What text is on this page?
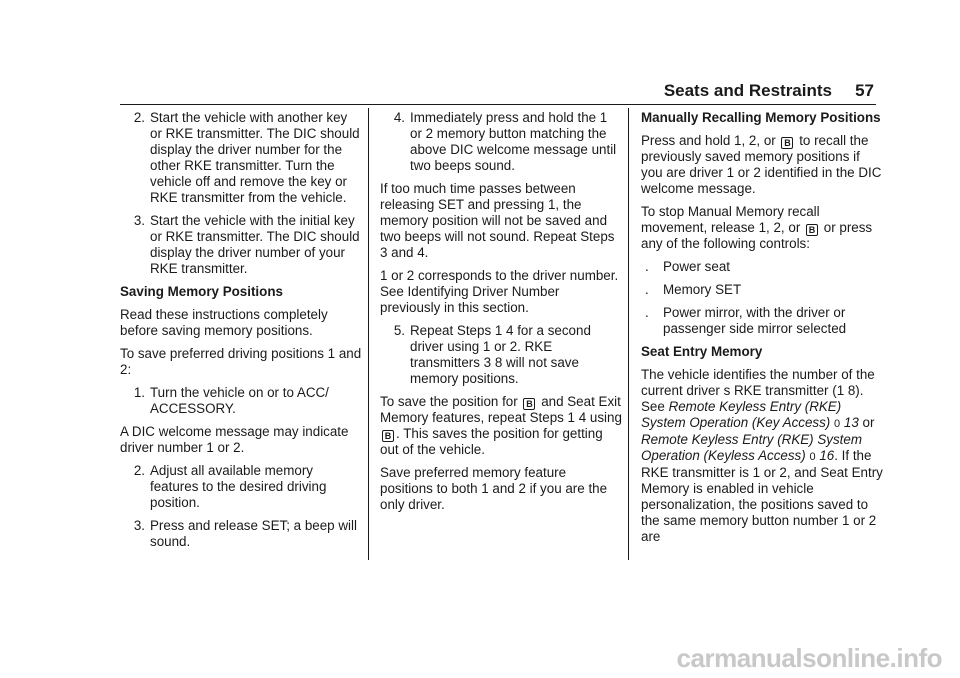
Seats and Restraints 57
2. Start the vehicle with another key or RKE transmitter. The DIC should display the driver number for the other RKE transmitter. Turn the vehicle off and remove the key or RKE transmitter from the vehicle.
3. Start the vehicle with the initial key or RKE transmitter. The DIC should display the driver number of your RKE transmitter.

Saving Memory Positions

Read these instructions completely before saving memory positions.

To save preferred driving positions 1 and 2:

1. Turn the vehicle on or to ACC/ ACCESSORY.

A DIC welcome message may indicate driver number 1 or 2.

2. Adjust all available memory features to the desired driving position.
3. Press and release SET; a beep will sound.
4. Immediately press and hold the 1 or 2 memory button matching the above DIC welcome message until two beeps sound.

If too much time passes between releasing SET and pressing 1, the memory position will not be saved and two beeps will not sound. Repeat Steps 3 and 4.

1 or 2 corresponds to the driver number. See Identifying Driver Number previously in this section.

5. Repeat Steps 1 4 for a second driver using 1 or 2. RKE transmitters 3 8 will not save memory positions.

To save the position for B and Seat Exit Memory features, repeat Steps 1 4 using B . This saves the position for getting out of the vehicle.

Save preferred memory feature positions to both 1 and 2 if you are the only driver.

Manually Recalling Memory Positions

Press and hold 1, 2, or B to recall the previously saved memory positions if you are driver 1 or 2 identified in the DIC welcome message.

To stop Manual Memory recall movement, release 1, 2, or B or press any of the following controls:

.	Power seat
.	Memory SET
.	Power mirror, with the driver or passenger side mirror selected

Seat Entry Memory

The vehicle identifies the number of the current driver s RKE transmitter (1 8). See Remote Keyless Entry (RKE) System Operation (Key Access) 0 13 or Remote Keyless Entry (RKE) System Operation (Keyless Access) 0 16. If the RKE transmitter is 1 or 2, and Seat Entry Memory is enabled in vehicle personalization, the positions saved to the same memory button number 1 or 2 are

carmanualsonline.info
